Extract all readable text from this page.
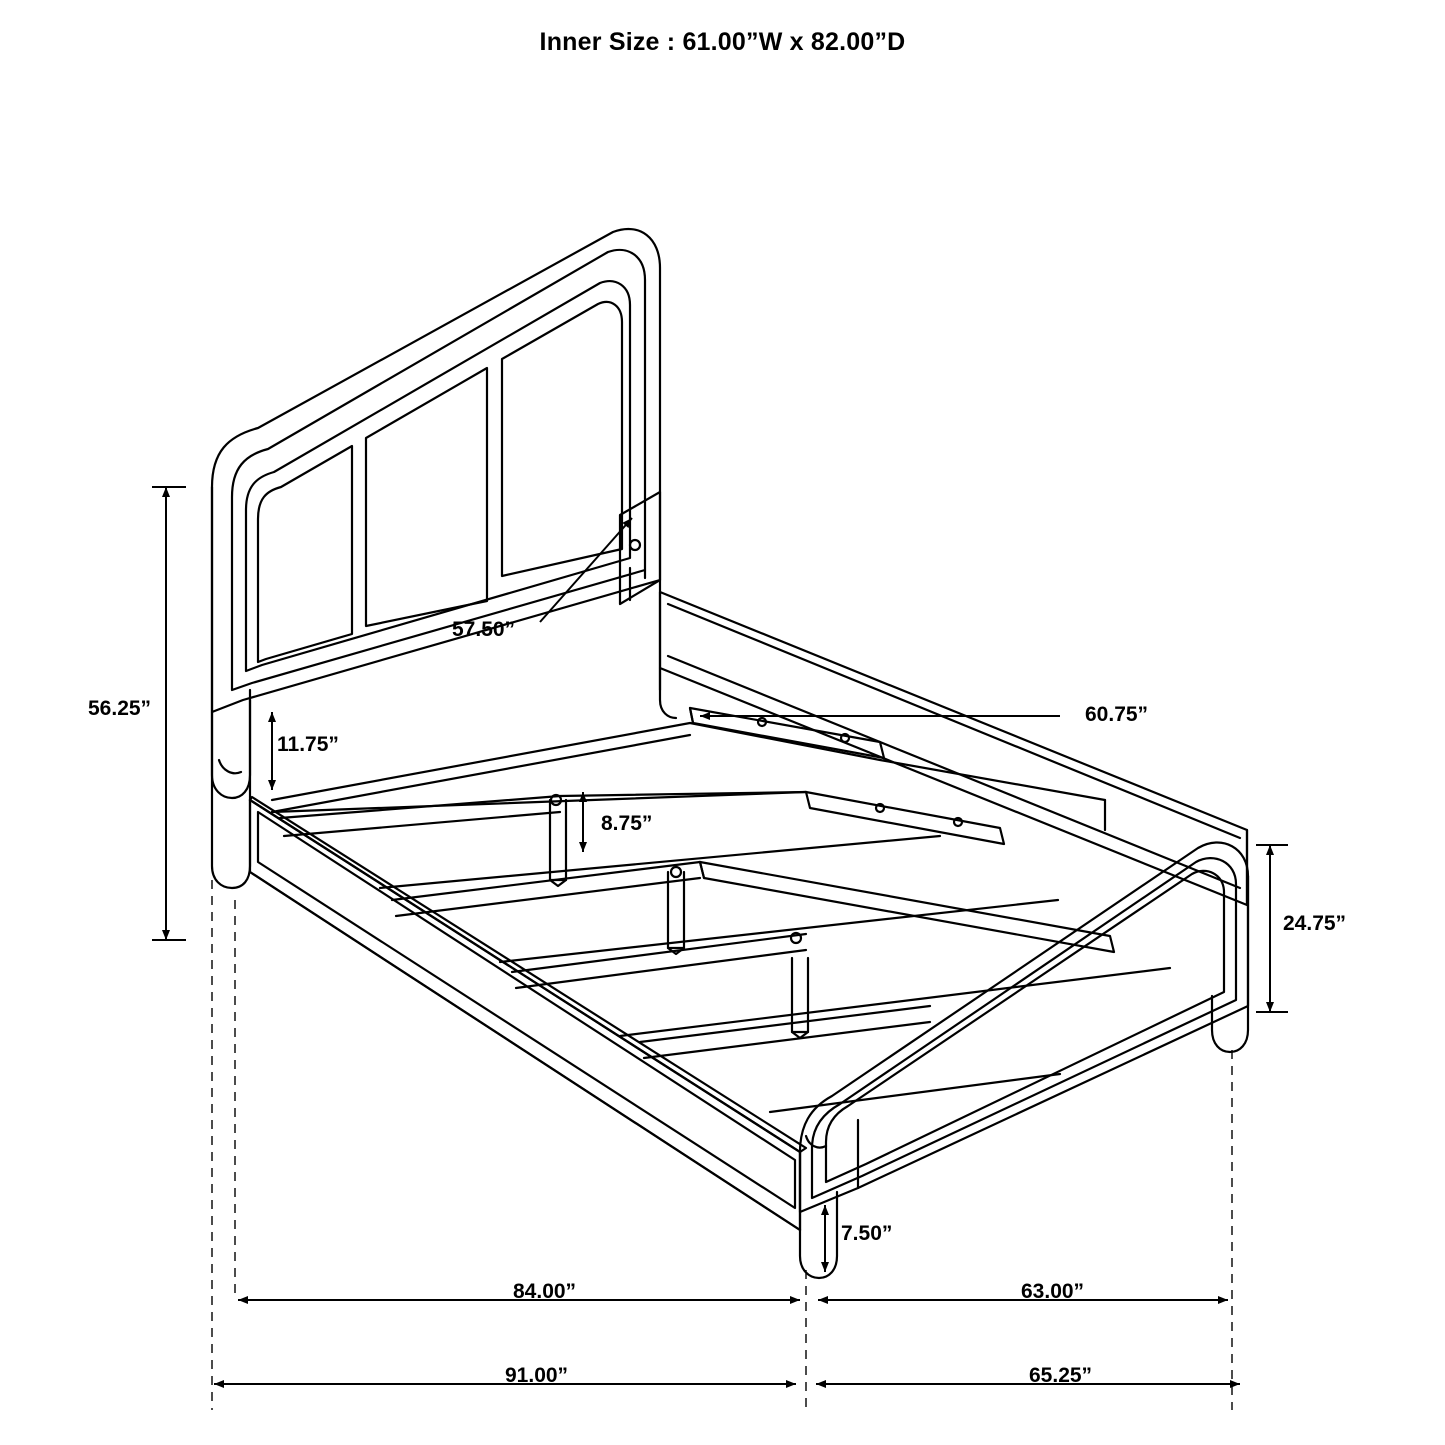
Inner Size : 61.00”W x 82.00”D
57.50”
56.25”
11.75”
60.75”
8.75”
24.75”
7.50”
84.00”	63.00”
91.00”	65.25”
